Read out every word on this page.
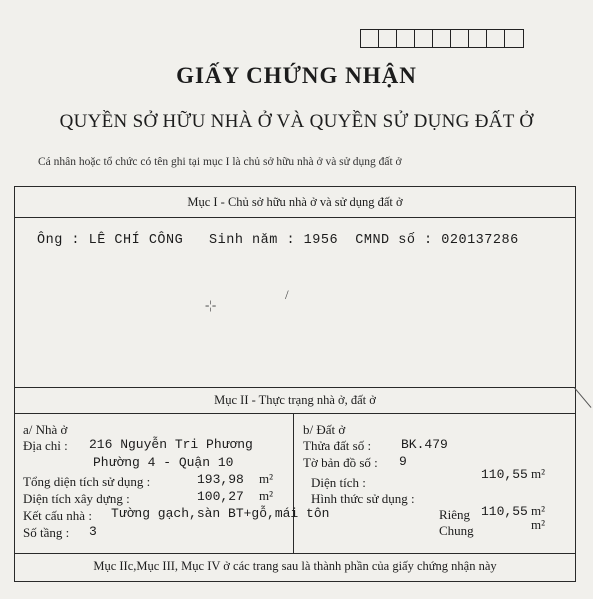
GIẤY CHỨNG NHẬN
QUYỀN SỞ HỮU NHÀ Ở VÀ QUYỀN SỬ DỤNG ĐẤT Ở
Cá nhân hoặc tổ chức có tên ghi tại mục I là chủ sở hữu nhà ở và sử dụng đất ở
Mục I - Chủ sở hữu nhà ở và sử dụng đất ở
Ông : LÊ CHÍ CÔNG   Sinh năm : 1956  CMND số : 020137286
-¦-
/
Mục II - Thực trạng nhà ở, đất ở
a/ Nhà ở
Địa chỉ : 216 Nguyễn Tri Phương
Phường 4 - Quận 10
Tổng diện tích sử dụng :	193,98 m²
Diện tích xây dựng :	100,27 m²
Kết cấu nhà : Tường gạch,sàn BT+gỗ,mái tôn
Số tầng : 3
b/ Đất ở
Thửa đất số : BK.479
Tờ bản đồ số : 9
Diện tích :
110,55 m²
Hình thức sử dụng :
Riêng 110,55 m²
Chung	m²
Mục IIc,Mục III, Mục IV ở các trang sau là thành phần của giấy chứng nhận này
